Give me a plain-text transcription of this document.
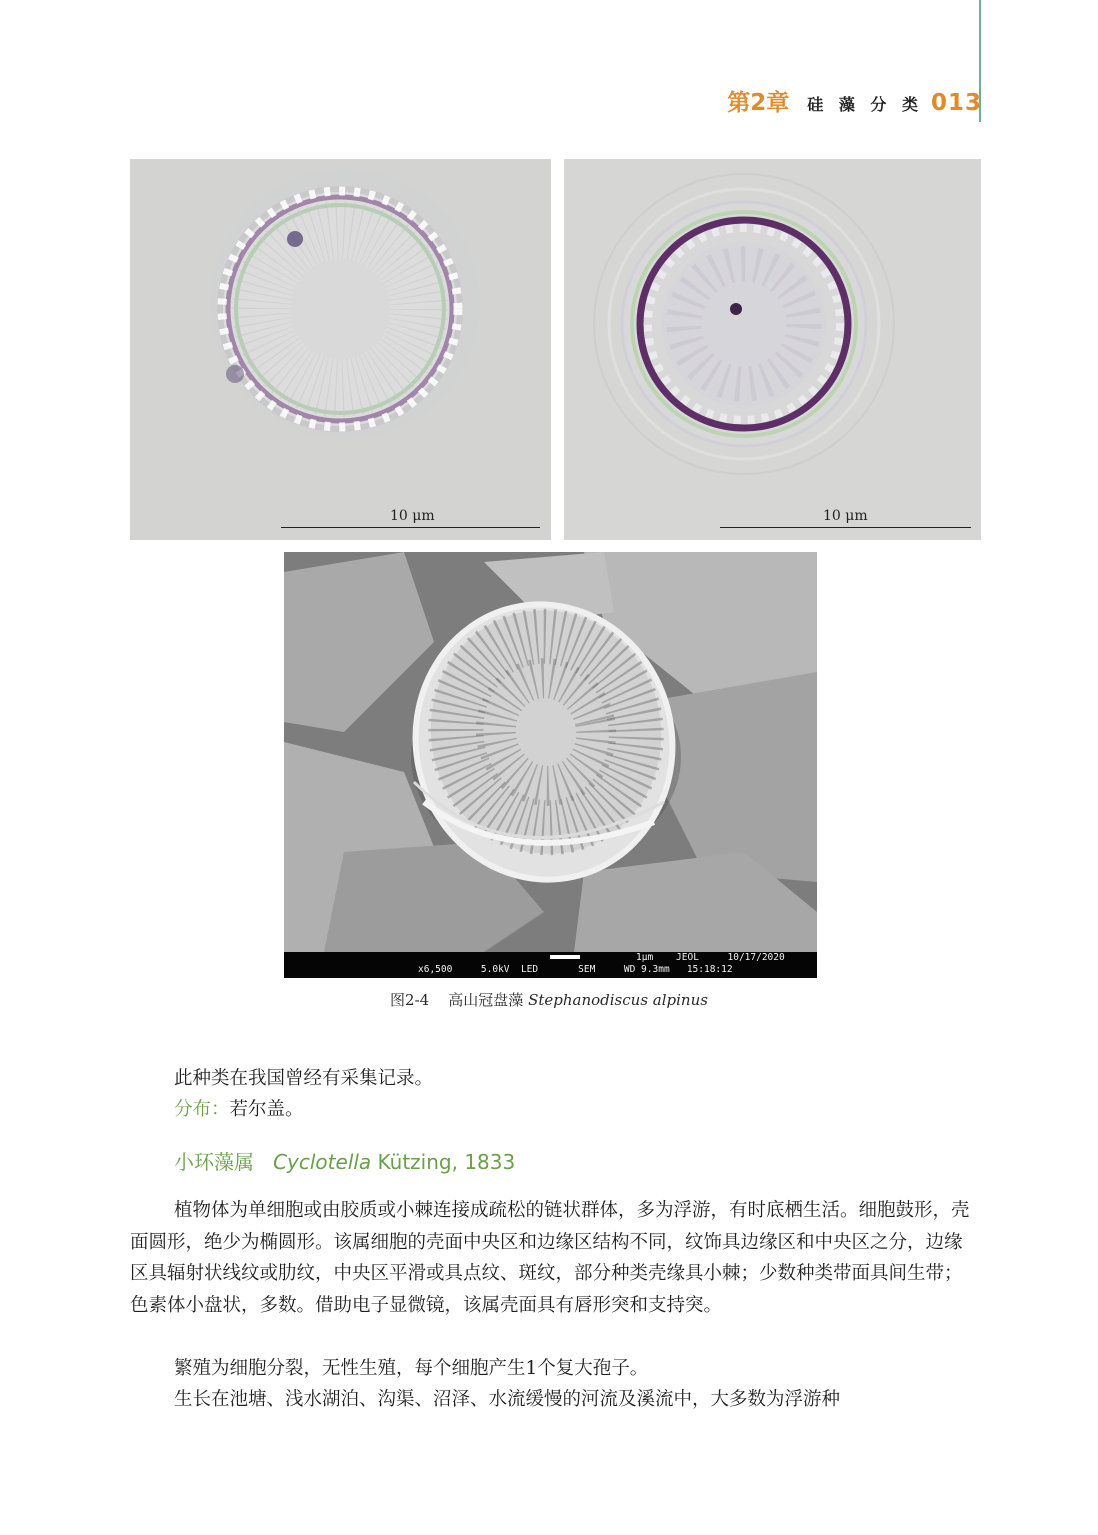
第2章 硅 藻 分 类 013
10 μm	10 μm
1μm    JEOL     10/17/2020
x6,500     5.0kV  LED       SEM     WD 9.3mm   15:18:12
图2-4 高山冠盘藻 Stephanodiscus alpinus
此种类在我国曾经有采集记录。
分布：若尔盖。
小环藻属 Cyclotella Kützing, 1833
植物体为单细胞或由胶质或小棘连接成疏松的链状群体，多为浮游，有时底栖生活。细胞鼓形，壳面圆形，绝少为椭圆形。该属细胞的壳面中央区和边缘区结构不同，纹饰具边缘区和中央区之分，边缘区具辐射状线纹或肋纹，中央区平滑或具点纹、斑纹，部分种类壳缘具小棘；少数种类带面具间生带；色素体小盘状，多数。借助电子显微镜，该属壳面具有唇形突和支持突。
繁殖为细胞分裂，无性生殖，每个细胞产生1个复大孢子。
生长在池塘、浅水湖泊、沟渠、沼泽、水流缓慢的河流及溪流中，大多数为浮游种
